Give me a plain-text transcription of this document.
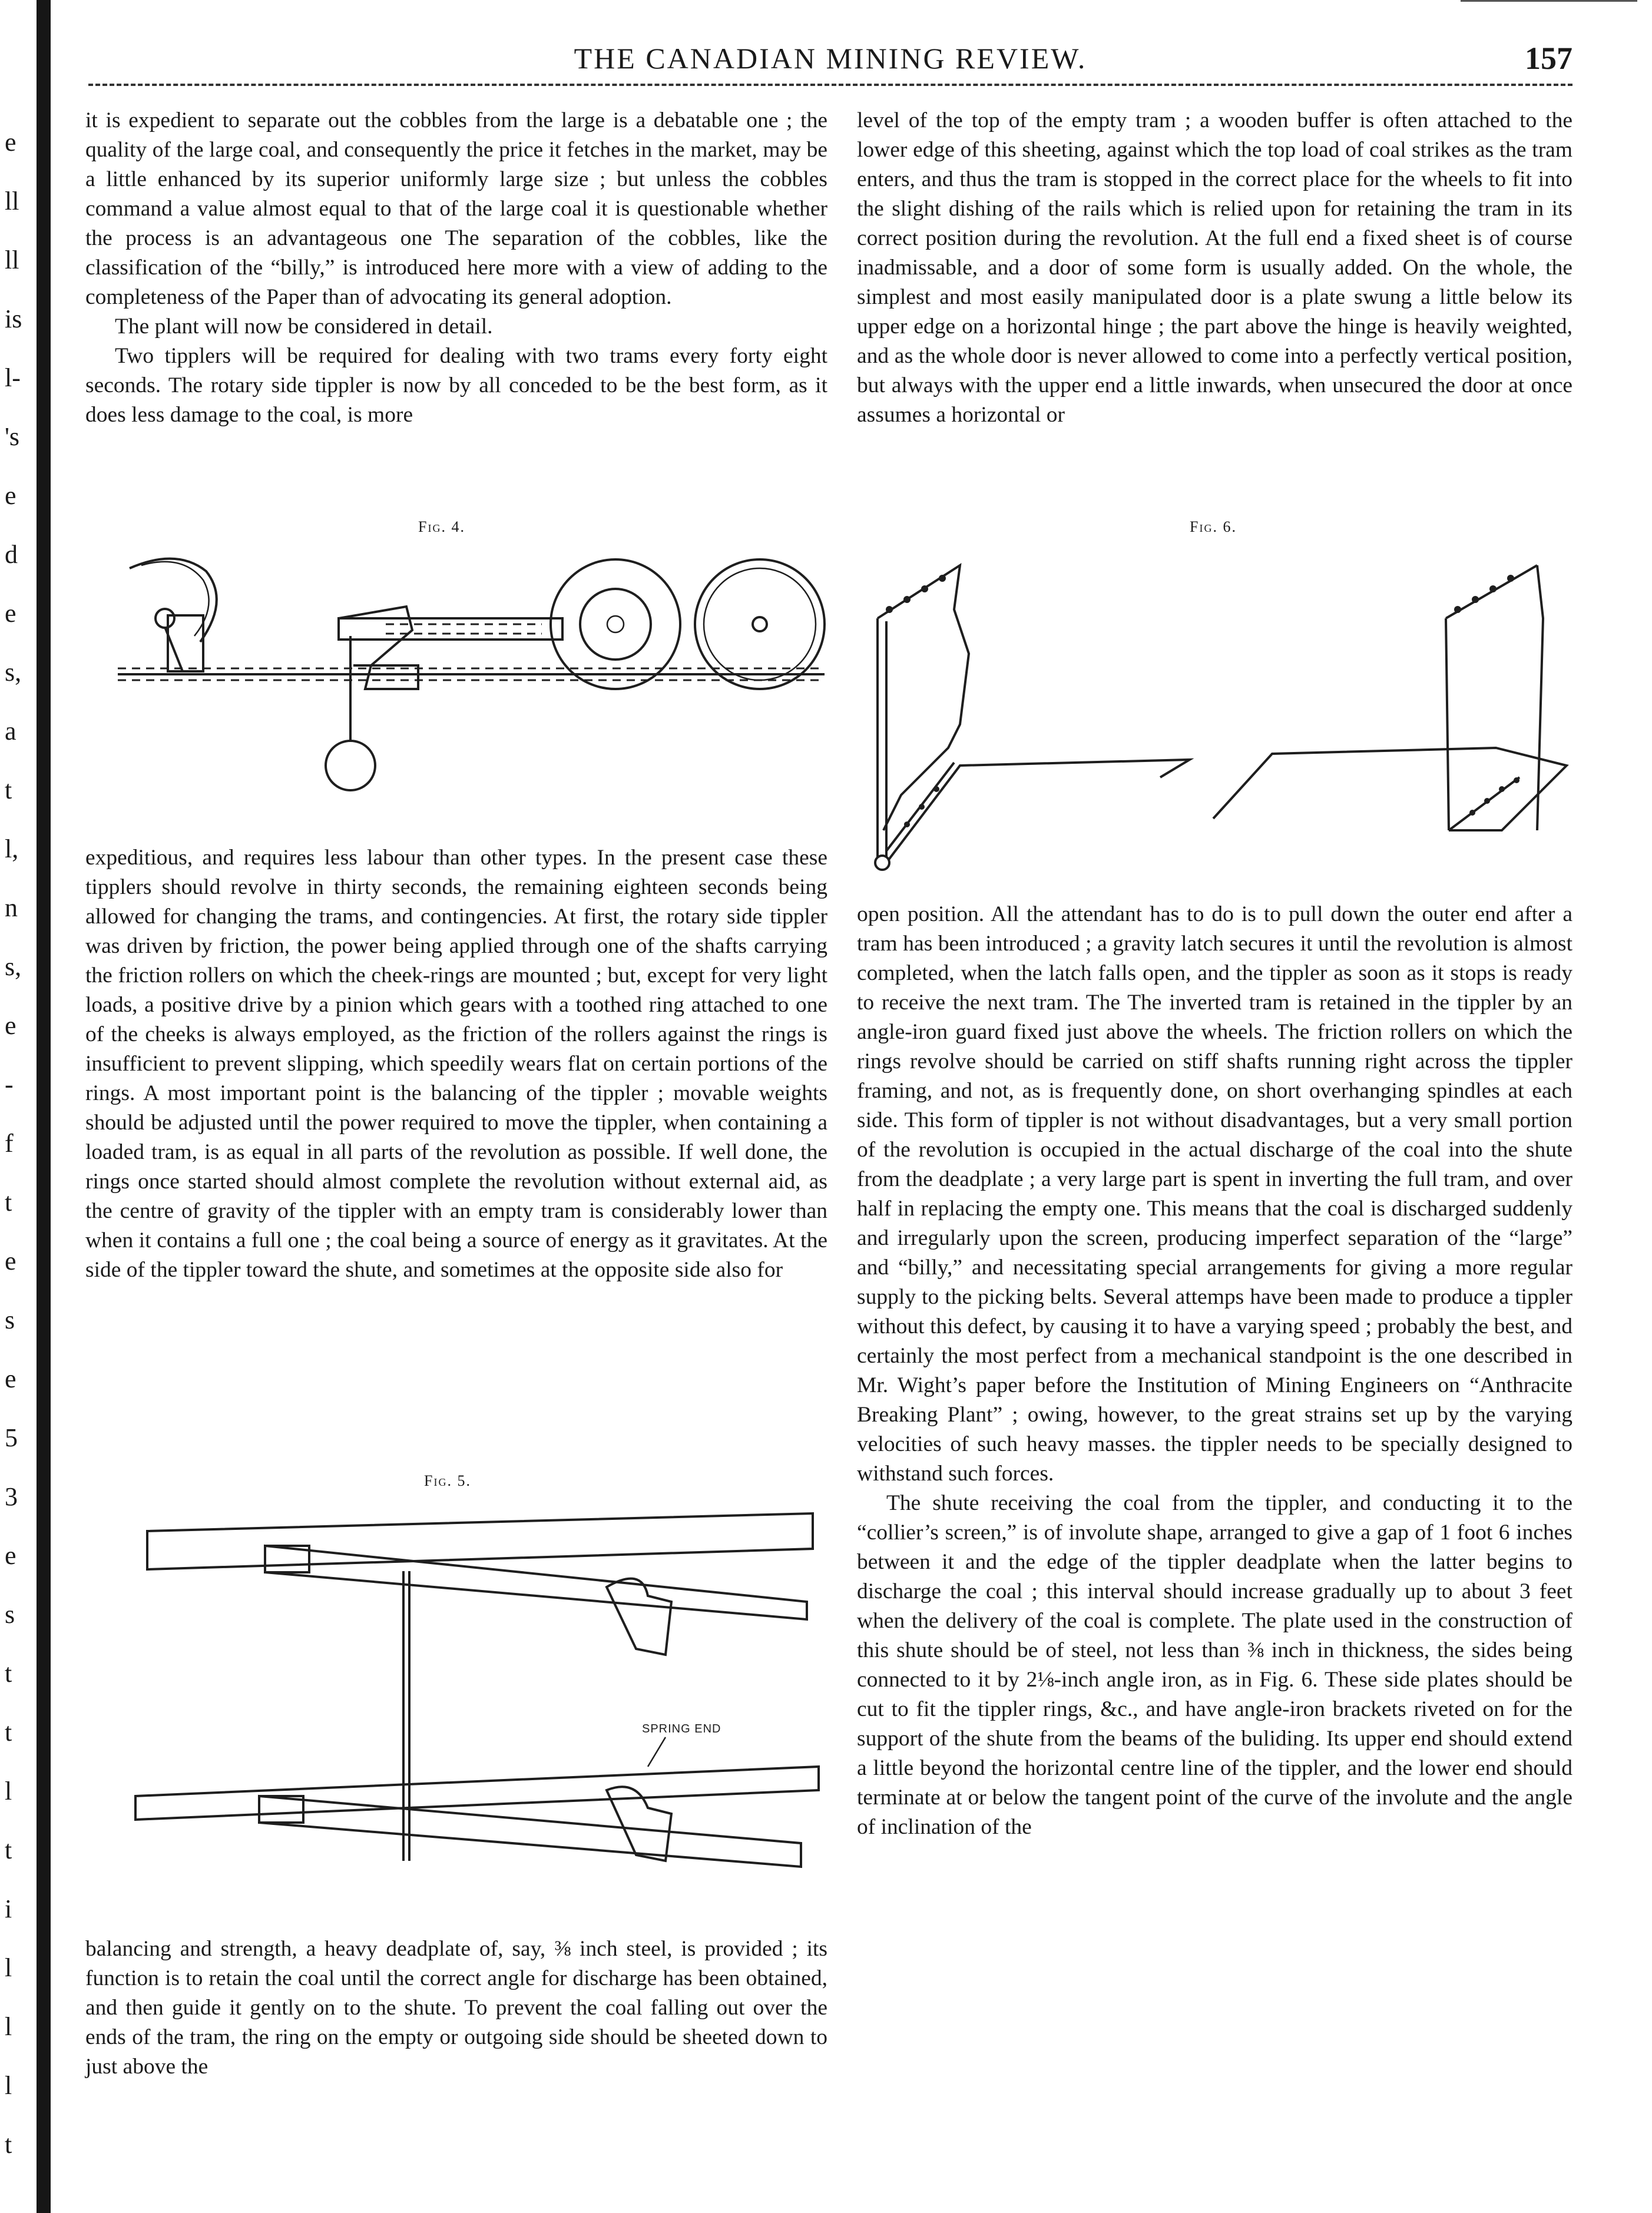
e
ll
ll
is
l-
's
e
d
e
s,
a
t
l,
n
s,
e
-
f
t
e
s
e
5
3
e
s
t
t
l
t
i
l
l
l
t
THE CANADIAN MINING REVIEW.	157

it is expedient to separate out the cobbles from the large is a debatable one ; the quality of the large coal, and consequently the price it fetches in the market, may be a little enhanced by its superior uniformly large size ; but unless the cobbles command a value almost equal to that of the large coal it is questionable whether the process is an advantageous one The separation of the cobbles, like the classification of the “billy,” is introduced here more with a view of adding to the completeness of the Paper than of advocating its general adoption.

The plant will now be considered in detail.

Two tipplers will be required for dealing with two trams every forty eight seconds. The rotary side tippler is now by all conceded to be the best form, as it does less damage to the coal, is more

Fig. 4.

expeditious, and requires less labour than other types. In the present case these tipplers should revolve in thirty seconds, the remaining eighteen seconds being allowed for changing the trams, and contingencies. At first, the rotary side tippler was driven by friction, the power being applied through one of the shafts carrying the friction rollers on which the cheek-rings are mounted ; but, except for very light loads, a positive drive by a pinion which gears with a toothed ring attached to one of the cheeks is always employed, as the friction of the rollers against the rings is insufficient to prevent slipping, which speedily wears flat on certain portions of the rings. A most important point is the balancing of the tippler ; movable weights should be adjusted until the power required to move the tippler, when containing a loaded tram, is as equal in all parts of the revolution as possible. If well done, the rings once started should almost complete the revolution without external aid, as the centre of gravity of the tippler with an empty tram is considerably lower than when it contains a full one ; the coal being a source of energy as it gravitates. At the side of the tippler toward the shute, and sometimes at the opposite side also for

Fig. 5.
SPRING END

balancing and strength, a heavy deadplate of, say, ⅜ inch steel, is provided ; its function is to retain the coal until the correct angle for discharge has been obtained, and then guide it gently on to the shute. To prevent the coal falling out over the ends of the tram, the ring on the empty or outgoing side should be sheeted down to just above the

level of the top of the empty tram ; a wooden buffer is often attached to the lower edge of this sheeting, against which the top load of coal strikes as the tram enters, and thus the tram is stopped in the correct place for the wheels to fit into the slight dishing of the rails which is relied upon for retaining the tram in its correct position during the revolution. At the full end a fixed sheet is of course inadmissable, and a door of some form is usually added. On the whole, the simplest and most easily manipulated door is a plate swung a little below its upper edge on a horizontal hinge ; the part above the hinge is heavily weighted, and as the whole door is never allowed to come into a perfectly vertical position, but always with the upper end a little inwards, when unsecured the door at once assumes a horizontal or

Fig. 6.

open position. All the attendant has to do is to pull down the outer end after a tram has been introduced ; a gravity latch secures it until the revolution is almost completed, when the latch falls open, and the tippler as soon as it stops is ready to receive the next tram. The The inverted tram is retained in the tippler by an angle-iron guard fixed just above the wheels. The friction rollers on which the rings revolve should be carried on stiff shafts running right across the tippler framing, and not, as is frequently done, on short overhanging spindles at each side. This form of tippler is not without disadvantages, but a very small portion of the revolution is occupied in the actual discharge of the coal into the shute from the deadplate ; a very large part is spent in inverting the full tram, and over half in replacing the empty one. This means that the coal is discharged suddenly and irregularly upon the screen, producing imperfect separation of the “large” and “billy,” and necessitating special arrangements for giving a more regular supply to the picking belts. Several attemps have been made to produce a tippler without this defect, by causing it to have a varying speed ; probably the best, and certainly the most perfect from a mechanical standpoint is the one described in Mr. Wight’s paper before the Institution of Mining Engineers on “Anthracite Breaking Plant” ; owing, however, to the great strains set up by the varying velocities of such heavy masses. the tippler needs to be specially designed to withstand such forces.

The shute receiving the coal from the tippler, and conducting it to the “collier’s screen,” is of involute shape, arranged to give a gap of 1 foot 6 inches between it and the edge of the tippler deadplate when the latter begins to discharge the coal ; this interval should increase gradually up to about 3 feet when the delivery of the coal is complete. The plate used in the construction of this shute should be of steel, not less than ⅜ inch in thickness, the sides being connected to it by 2⅛-inch angle iron, as in Fig. 6. These side plates should be cut to fit the tippler rings, &c., and have angle-iron brackets riveted on for the support of the shute from the beams of the buliding. Its upper end should extend a little beyond the horizontal centre line of the tippler, and the lower end should terminate at or below the tangent point of the curve of the involute and the angle of inclination of the
